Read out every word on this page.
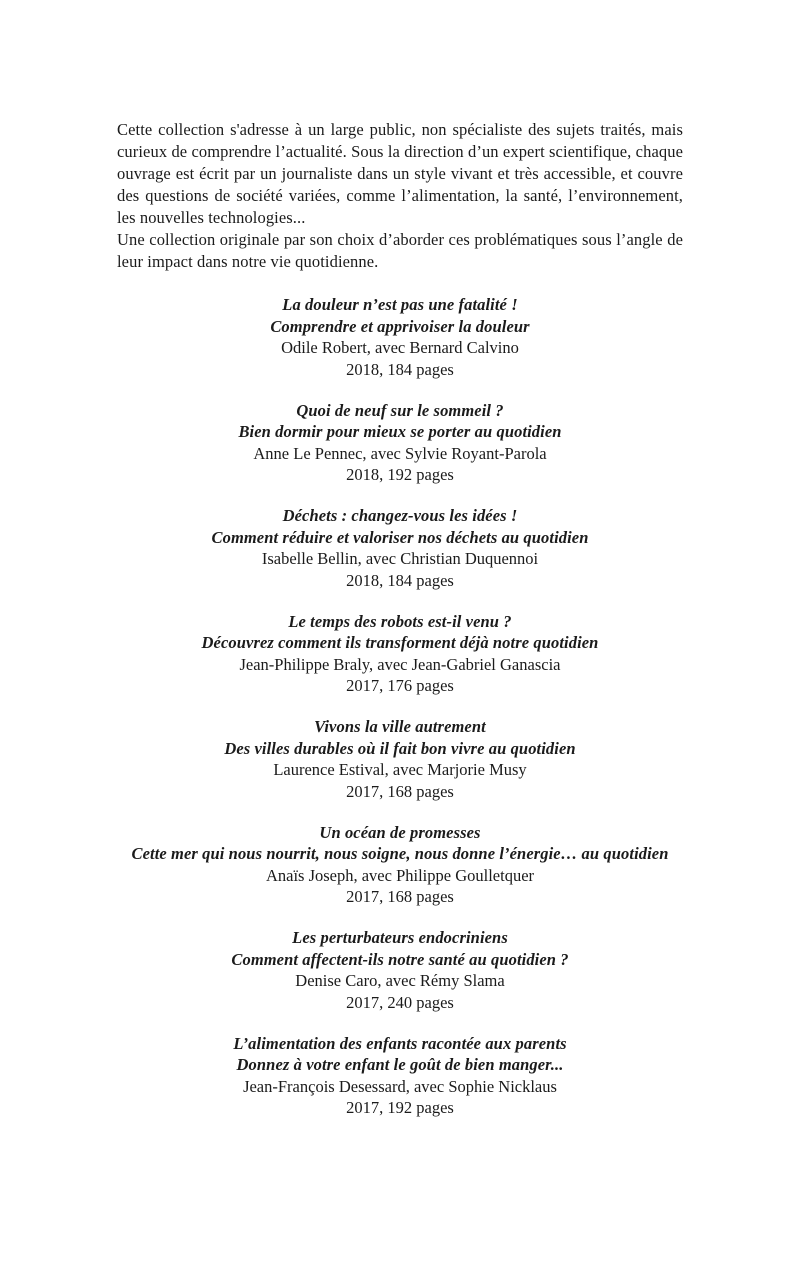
Cette collection s'adresse à un large public, non spécialiste des sujets traités, mais curieux de comprendre l’actualité. Sous la direction d’un expert scientifique, chaque ouvrage est écrit par un journaliste dans un style vivant et très accessible, et couvre des questions de société variées, comme l’alimentation, la santé, l’environnement, les nouvelles technologies...

Une collection originale par son choix d’aborder ces problématiques sous l’angle de leur impact dans notre vie quotidienne.

La douleur n’est pas une fatalité !
Comprendre et apprivoiser la douleur
Odile Robert, avec Bernard Calvino
2018, 184 pages
Quoi de neuf sur le sommeil ?
Bien dormir pour mieux se porter au quotidien
Anne Le Pennec, avec Sylvie Royant-Parola
2018, 192 pages
Déchets : changez-vous les idées !
Comment réduire et valoriser nos déchets au quotidien
Isabelle Bellin, avec Christian Duquennoi
2018, 184 pages
Le temps des robots est-il venu ?
Découvrez comment ils transforment déjà notre quotidien
Jean-Philippe Braly, avec Jean-Gabriel Ganascia
2017, 176 pages
Vivons la ville autrement
Des villes durables où il fait bon vivre au quotidien
Laurence Estival, avec Marjorie Musy
2017, 168 pages
Un océan de promesses
Cette mer qui nous nourrit, nous soigne, nous donne l’énergie… au quotidien
Anaïs Joseph, avec Philippe Goulletquer
2017, 168 pages
Les perturbateurs endocriniens
Comment affectent-ils notre santé au quotidien ?
Denise Caro, avec Rémy Slama
2017, 240 pages
L’alimentation des enfants racontée aux parents
Donnez à votre enfant le goût de bien manger...
Jean-François Desessard, avec Sophie Nicklaus
2017, 192 pages
